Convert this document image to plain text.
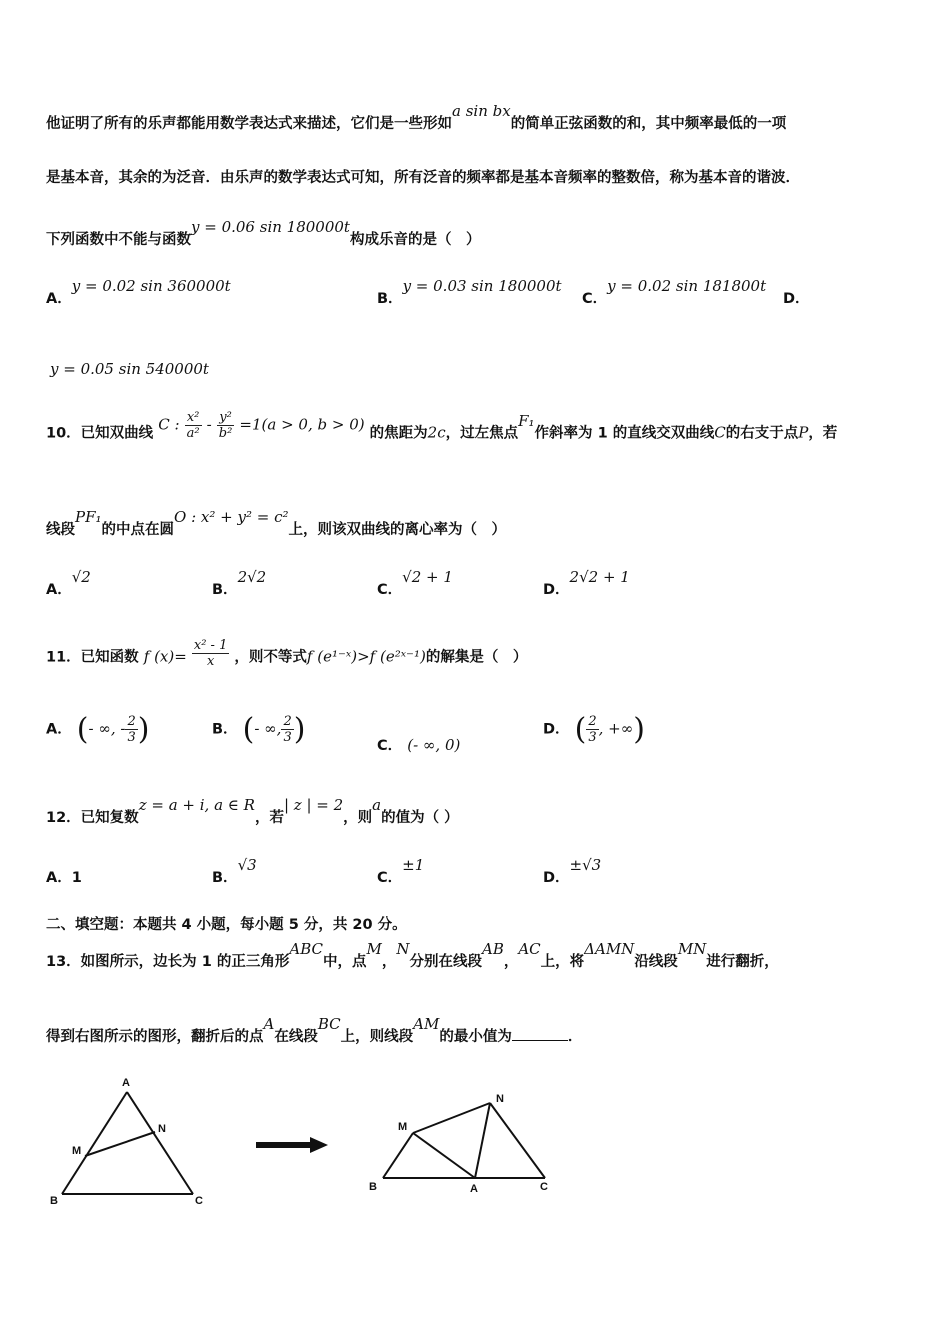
他证明了所有的乐声都能用数学表达式来描述，它们是一些形如a sin bx的简单正弦函数的和，其中频率最低的一项
是基本音，其余的为泛音．由乐声的数学表达式可知，所有泛音的频率都是基本音频率的整数倍，称为基本音的谐波．
下列函数中不能与函数y = 0.06 sin 180000t构成乐音的是（　）
A．y = 0.02 sin 360000t
B．y = 0.03 sin 180000t
C．y = 0.02 sin 181800t
D．
y = 0.05 sin 540000t
10．已知双曲线 C : $\frac{\text{x²}}{\text{a²}} - \frac{\text{y²}}{\text{b²}} =1(a > 0$, b > 0) 的焦距为2c，过左焦点F₁作斜率为 1 的直线交双曲线C的右支于点P，若
线段PF₁的中点在圆O : x² + y² = c²上，则该双曲线的离心率为（　）
A．√2
B．2√2
C．√2 + 1
D．2√2 + 1
11．已知函数 f $(x)= \frac{\text{x² - 1}}{x}$ ，则不等式f (e¹⁻ˣ)>f (e²ˣ⁻¹)的解集是（　）
A． (- ∞, - $\frac{2}{3}$ )	B． (- ∞, $\frac{2}{3}$ )	C． (- ∞, 0)
D． ( $\frac{2}{3}$ , +∞)
12．已知复数z = a + i, a ∈ R，若| z | = 2，则a的值为（ ）
A．1	B．√3
C．±1
D．±√3
二、填空题：本题共 4 小题，每小题 5 分，共 20 分。
13．如图所示，边长为 1 的正三角形ABC中，点M，N分别在线段AB，AC上，将ΔAMN沿线段MN进行翻折，
得到右图所示的图形，翻折后的点A在线段BC上，则线段AM的最小值为	．
A
M
N
B	C
M
N
B	A	C
